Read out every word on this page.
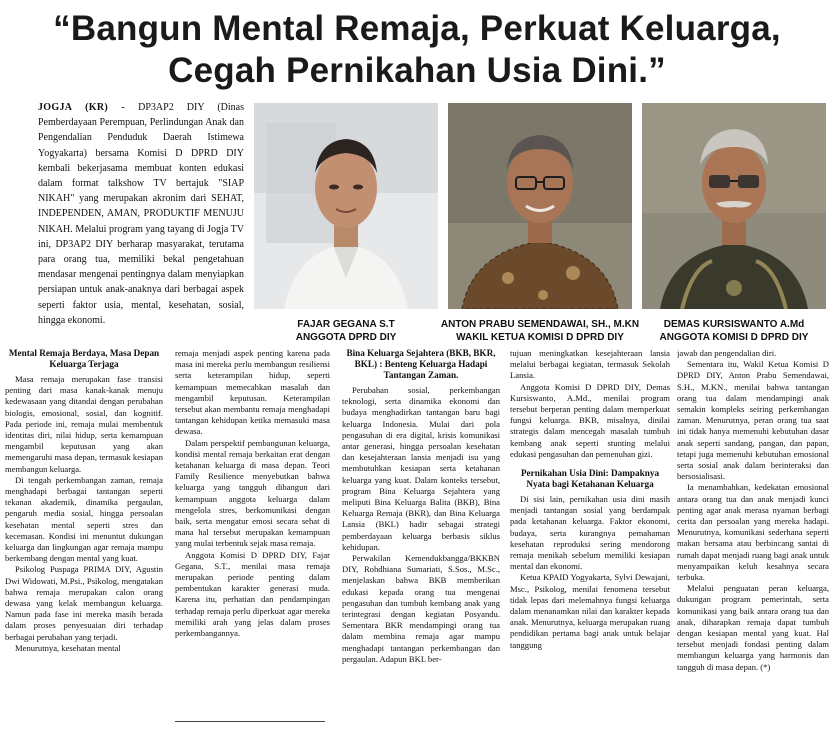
“Bangun Mental Remaja, Perkuat Keluarga,
Cegah Pernikahan Usia Dini.”

JOGJA (KR) - DP3AP2 DIY (Dinas Pemberdayaan Perempuan, Perlindungan Anak dan Pengendalian Penduduk Daerah Istimewa Yogyakarta) bersama Komisi D DPRD DIY kembali bekerjasama membuat konten edukasi dalam format talkshow TV bertajuk "SIAP NIKAH" yang merupakan akronim dari SEHAT, INDEPENDEN, AMAN, PRODUKTIF MENUJU NIKAH. Melalui program yang tayang di Jogja TV ini, DP3AP2 DIY berharap masyarakat, terutama para orang tua, memiliki bekal pengetahuan mendasar mengenai pentingnya dalam menyiapkan persiapan untuk anak-anaknya dari berbagai aspek seperti faktor usia, mental, kesehatan, sosial, hingga ekonomi.	FAJAR GEGANA S.T
ANGGOTA DPRD DIY
ANTON PRABU SEMENDAWAI, SH., M.KN
WAKIL KETUA KOMISI D DPRD DIY
DEMAS KURSISWANTO A.Md
ANGGOTA KOMISI D DPRD DIY
Mental Remaja Berdaya, Masa Depan Keluarga Terjaga

Masa remaja merupakan fase transisi penting dari masa kanak-kanak menuju kedewasaan yang ditandai dengan perubahan biologis, emosional, sosial, dan kognitif. Pada periode ini, remaja mulai membentuk identitas diri, nilai hidup, serta kemampuan mengambil keputusan yang akan memengaruhi masa depan, termasuk kesiapan membangun keluarga.

Di tengah perkembangan zaman, remaja menghadapi berbagai tantangan seperti tekanan akademik, dinamika pergaulan, pengaruh media sosial, hingga persoalan kesehatan mental seperti stres dan kecemasan. Kondisi ini menuntut dukungan keluarga dan lingkungan agar remaja mampu berkembang dengan mental yang kuat.

Psikolog Puspaga PRIMA DIY, Agustin Dwi Widowati, M.Psi., Psikolog, mengatakan bahwa remaja merupakan calon orang dewasa yang kelak membangun keluarga. Namun pada fase ini mereka masih berada dalam proses penyesuaian diri terhadap berbagai perubahan yang terjadi.

Menurutnya, kesehatan mental

remaja menjadi aspek penting karena pada masa ini mereka perlu membangun resiliensi serta keterampilan hidup, seperti kemampuan memecahkan masalah dan mengambil keputusan. Keterampilan tersebut akan membantu remaja menghadapi tantangan kehidupan ketika memasuki masa dewasa.

Dalam perspektif pembangunan keluarga, kondisi mental remaja berkaitan erat dengan ketahanan keluarga di masa depan. Teori Family Resilience menyebutkan bahwa keluarga yang tangguh dibangun dari kemampuan anggota keluarga dalam mengelola stres, berkomunikasi dengan baik, serta mengatur emosi secara sehat di mana hal tersebut merupakan kemampuan yang mulai terbentuk sejak masa remaja.

Anggota Komisi D DPRD DIY, Fajar Gegana, S.T., menilai masa remaja merupakan periode penting dalam pembentukan karakter generasi muda. Karena itu, perhatian dan pendampingan terhadap remaja perlu diperkuat agar mereka memiliki arah yang jelas dalam proses perkembangannya.

Bina Keluarga Sejahtera (BKB, BKR, BKL) : Benteng Keluarga Hadapi Tantangan Zaman.

Perubahan sosial, perkembangan teknologi, serta dinamika ekonomi dan budaya menghadirkan tantangan baru bagi keluarga Indonesia. Mulai dari pola pengasuhan di era digital, krisis komunikasi antar generasi, hingga persoalan kesehatan dan kesejahteraan lansia menjadi isu yang membutuhkan kesiapan serta ketahanan keluarga yang kuat. Dalam konteks tersebut, program Bina Keluarga Sejahtera yang meliputi Bina Keluarga Balita (BKB), Bina Keluarga Remaja (BKR), dan Bina Keluarga Lansia (BKL) hadir sebagai strategi pemberdayaan keluarga berbasis siklus kehidupan.

Perwakilan Kemendukbangga/BKKBN DIY, Rohdhiana Sumariati, S.Sos., M.Sc., menjelaskan bahwa BKB memberikan edukasi kepada orang tua mengenai pengasuhan dan tumbuh kembang anak yang terintegrasi dengan kegiatan Posyandu. Sementara BKR mendampingi orang tua dalam membina remaja agar mampu menghadapi tantangan perkembangan dan pergaulan. Adapun BKL ber-

tujuan meningkatkan kesejahteraan lansia melalui berbagai kegiatan, termasuk Sekolah Lansia.

Anggota Komisi D DPRD DIY, Demas Kursiswanto, A.Md., menilai program tersebut berperan penting dalam memperkuat fungsi keluarga. BKB, misalnya, dinilai strategis dalam mencegah masalah tumbuh kembang anak seperti stunting melalui edukasi pengasuhan dan pemenuhan gizi.

Pernikahan Usia Dini: Dampaknya Nyata bagi Ketahanan Keluarga

Di sisi lain, pernikahan usia dini masih menjadi tantangan sosial yang berdampak pada ketahanan keluarga. Faktor ekonomi, budaya, serta kurangnya pemahaman kesehatan reproduksi sering mendorong remaja menikah sebelum memiliki kesiapan mental dan ekonomi.

Ketua KPAID Yogyakarta, Sylvi Dewajani, Msc., Psikolog, menilai fenomena tersebut tidak lepas dari melemahnya fungsi keluarga dalam menanamkan nilai dan karakter kepada anak. Menurutnya, keluarga merupakan ruang pendidikan pertama bagi anak untuk belajar tanggung

jawab dan pengendalian diri.

Sementara itu, Wakil Ketua Komisi D DPRD DIY, Anton Prabu Semendawai, S.H., M.KN., menilai bahwa tantangan orang tua dalam mendampingi anak semakin kompleks seiring perkembangan zaman. Menurutnya, peran orang tua saat ini tidak hanya memenuhi kebutuhan dasar anak seperti sandang, pangan, dan papan, tetapi juga memenuhi kebutuhan emosional serta sosial anak dalam berinteraksi dan bersosialisasi.

Ia menambahkan, kedekatan emosional antara orang tua dan anak menjadi kunci penting agar anak merasa nyaman berbagi cerita dan persoalan yang mereka hadapi. Menurutnya, komunikasi sederhana seperti makan bersama atau berbincang santai di rumah dapat menjadi ruang bagi anak untuk menyampaikan keluh kesahnya secara terbuka.

Melalui penguatan peran keluarga, dukungan program pemerintah, serta komunikasi yang baik antara orang tua dan anak, diharapkan remaja dapat tumbuh dengan kesiapan mental yang kuat. Hal tersebut menjadi fondasi penting dalam membangun keluarga yang harmonis dan tangguh di masa depan. (*)
